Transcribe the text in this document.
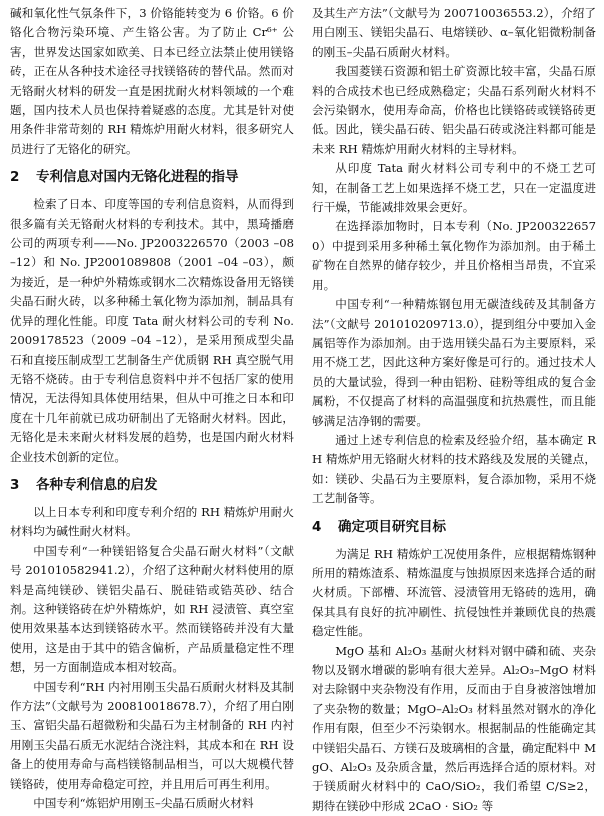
碱和氧化性气氛条件下，3 价铬能转变为 6 价铬。6 价铬化合物污染环境、产生铬公害。为了防止 Cr⁶⁺ 公害，世界发达国家如欧美、日本已经立法禁止使用镁铬砖，正在从各种技术途径寻找镁铬砖的替代品。然而对无铬耐火材料的研发一直是困扰耐火材料领域的一个难题，国内技术人员也保持着疑惑的态度。尤其是针对使用条件非常苛刻的 RH 精炼炉用耐火材料，很多研究人员进行了无铬化的研究。

2 专利信息对国内无铬化进程的指导

检索了日本、印度等国的专利信息资料，从而得到很多篇有关无铬耐火材料的专利技术。其中，黑琦播磨公司的两项专利——No. JP2003226570（2003 –08 –12）和 No. JP2001089808（2001 –04 –03），颇为接近，是一种炉外精炼或钢水二次精炼设备用无铬镁尖晶石耐火砖，以多种稀土氧化物为添加剂，制品具有优异的理化性能。印度 Tata 耐火材料公司的专利 No. 2009178523（2009 –04 –12），是采用预成型尖晶石和直接压制成型工艺制备生产优质钢 RH 真空脱气用无铬不烧砖。由于专利信息资料中并不包括厂家的使用情况，无法得知具体使用结果，但从中可推之日本和印度在十几年前就已成功研制出了无铬耐火材料。因此，无铬化是未来耐火材料发展的趋势，也是国内耐火材料企业技术创新的定位。

3 各种专利信息的启发

以上日本专利和印度专利介绍的 RH 精炼炉用耐火材料均为碱性耐火材料。

中国专利“一种镁铝铬复合尖晶石耐火材料”（文献号 201010582941.2），介绍了这种耐火材料使用的原料是高纯镁砂、镁铝尖晶石、脱硅锆或锆英砂、结合剂。这种镁铬砖在炉外精炼炉，如 RH 浸渍管、真空室使用效果基本达到镁铬砖水平。然而镁铬砖并没有大量使用，这是由于其中的锆含偏析，产品质量稳定性不理想，另一方面制造成本相对较高。

中国专利“RH 内衬用刚玉尖晶石质耐火材料及其制作方法”（文献号为 200810018678.7），介绍了用白刚玉、富铝尖晶石超微粉和尖晶石为主材制备的 RH 内衬用刚玉尖晶石质无水泥结合浇注料，其成本和在 RH 设备上的使用寿命与高档镁铬制品相当，可以大规模代替镁铬砖，使用寿命稳定可控，并且用后可再生利用。

中国专利“炼铝炉用刚玉–尖晶石质耐火材料

及其生产方法”（文献号为 200710036553.2），介绍了用白刚玉、镁铝尖晶石、电熔镁砂、α–氧化铝微粉制备的刚玉–尖晶石质耐火材料。

我国菱镁石资源和铝土矿资源比较丰富，尖晶石原料的合成技术也已经成熟稳定；尖晶石系列耐火材料不会污染钢水，使用寿命高，价格也比镁铬砖或镁铬砖更低。因此，镁尖晶石砖、铝尖晶石砖或浇注料都可能是未来 RH 精炼炉用耐火材料的主导材料。

从印度 Tata 耐火材料公司专利中的不烧工艺可知，在制备工艺上如果选择不烧工艺，只在一定温度进行干燥，节能减排效果会更好。

在选择添加物时，日本专利（No. JP2003226570）中提到采用多种稀土氧化物作为添加剂。由于稀土矿物在自然界的储存较少，并且价格相当昂贵，不宜采用。

中国专利“一种精炼钢包用无碳渣线砖及其制备方法”（文献号 201010209713.0），提到组分中要加入金属铝等作为添加剂。由于选用镁尖晶石为主要原料，采用不烧工艺，因此这种方案好像是可行的。通过技术人员的大量试验，得到一种由铝粉、硅粉等组成的复合金属粉，不仅提高了材料的高温强度和抗热震性，而且能够满足洁净钢的需要。

通过上述专利信息的检索及经验介绍，基本确定 RH 精炼炉用无铬耐火材料的技术路线及发展的关键点，如：镁砂、尖晶石为主要原料，复合添加物，采用不烧工艺制备等。

4 确定项目研究目标

为满足 RH 精炼炉工况使用条件，应根据精炼钢种所用的精炼渣系、精炼温度与蚀损原因来选择合适的耐火材质。下部槽、环流管、浸渍管用无铬砖的选用，确保其具有良好的抗冲刷性、抗侵蚀性并兼顾优良的热震稳定性能。

MgO 基和 Al₂O₃ 基耐火材料对钢中磷和硫、夹杂物以及钢水增碳的影响有很大差异。Al₂O₃–MgO 材料对去除钢中夹杂物没有作用，反而由于自身被溶蚀增加了夹杂物的数量；MgO–Al₂O₃ 材料虽然对钢水的净化作用有限，但至少不污染钢水。根据制品的性能确定其中镁铝尖晶石、方镁石及玻璃相的含量，确定配料中 MgO、Al₂O₃ 及杂质含量，然后再选择合适的原材料。对于镁质耐火材料中的 CaO/SiO₂，我们希望 C/S≥2，期待在镁砂中形成 2CaO · SiO₂ 等
